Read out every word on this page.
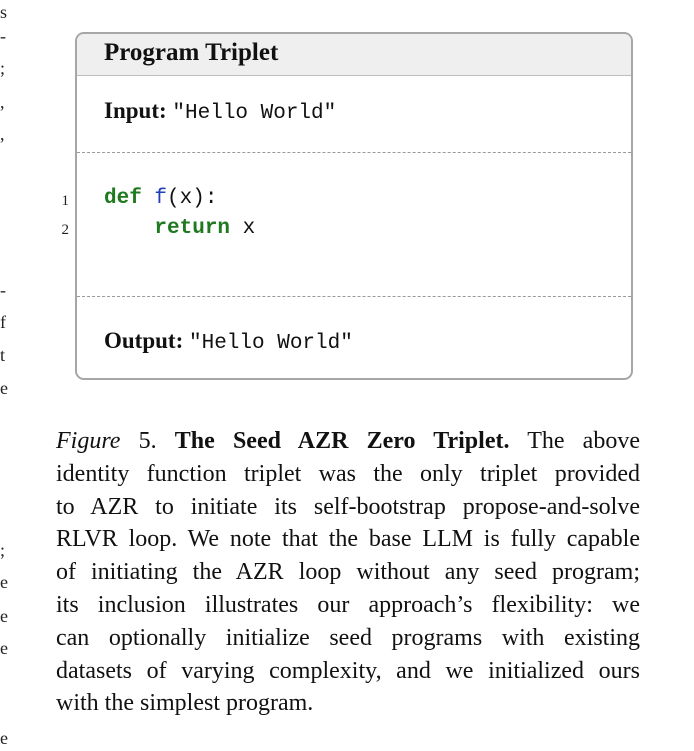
s
-
;
,
,
-
f
t
e
;
e
e
e
e
Program Triplet
Input: "Hello World"
def f(x):
return x
Output: "Hello World"
1
2
Figure 5. The Seed AZR Zero Triplet. The above
identity function triplet was the only triplet provided
to AZR to initiate its self-bootstrap propose-and-solve
RLVR loop. We note that the base LLM is fully capable
of initiating the AZR loop without any seed program;
its inclusion illustrates our approach’s flexibility: we
can optionally initialize seed programs with existing
datasets of varying complexity, and we initialized ours
with the simplest program.
